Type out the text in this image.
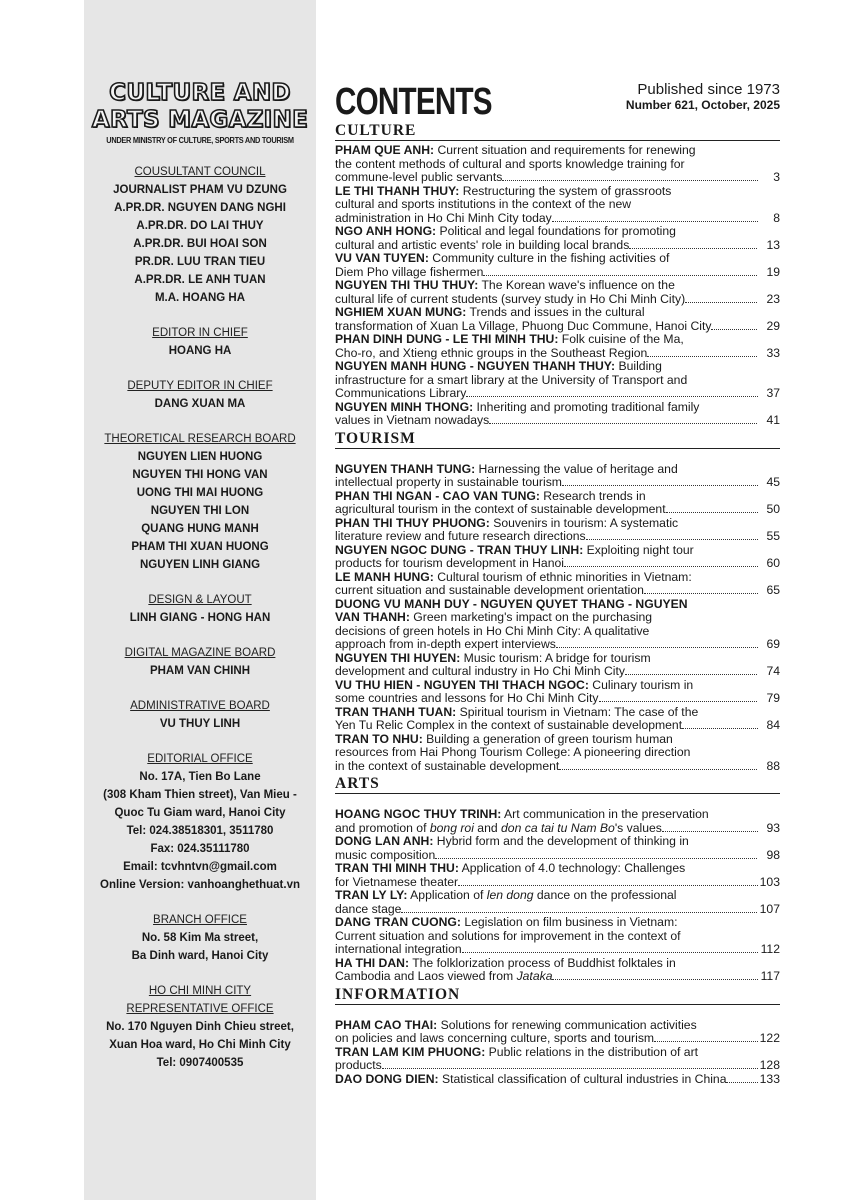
CULTURE AND
ARTS MAGAZINE
UNDER MINISTRY OF CULTURE, SPORTS AND TOURISM
COUSULTANT COUNCIL
JOURNALIST PHAM VU DZUNG
A.PR.DR. NGUYEN DANG NGHI
A.PR.DR. DO LAI THUY
A.PR.DR. BUI HOAI SON
PR.DR. LUU TRAN TIEU
A.PR.DR. LE ANH TUAN
M.A. HOANG HA
EDITOR IN CHIEF
HOANG HA
DEPUTY EDITOR IN CHIEF
DANG XUAN MA
THEORETICAL RESEARCH BOARD
NGUYEN LIEN HUONG
NGUYEN THI HONG VAN
UONG THI MAI HUONG
NGUYEN THI LON
QUANG HUNG MANH
PHAM THI XUAN HUONG
NGUYEN LINH GIANG
DESIGN & LAYOUT
LINH GIANG - HONG HAN
DIGITAL MAGAZINE BOARD
PHAM VAN CHINH
ADMINISTRATIVE BOARD
VU THUY LINH
EDITORIAL OFFICE
No. 17A, Tien Bo Lane
(308 Kham Thien street), Van Mieu -
Quoc Tu Giam ward, Hanoi City
Tel: 024.38518301, 3511780
Fax: 024.35111780
Email: tcvhntvn@gmail.com
Online Version: vanhoanghethuat.vn
BRANCH OFFICE
No. 58 Kim Ma street,
Ba Dinh ward, Hanoi City
HO CHI MINH CITY
REPRESENTATIVE OFFICE
No. 170 Nguyen Dinh Chieu street,
Xuan Hoa ward, Ho Chi Minh City
Tel: 0907400535
CONTENTS	Published since 1973
Number 621, October, 2025
CULTURE
PHAM QUE ANH: Current situation and requirements for renewing
the content methods of cultural and sports knowledge training for
commune-level public servants	3
LE THI THANH THUY: Restructuring the system of grassroots
cultural and sports institutions in the context of the new
administration in Ho Chi Minh City today	8
NGO ANH HONG: Political and legal foundations for promoting
cultural and artistic events' role in building local brands	13
VU VAN TUYEN: Community culture in the fishing activities of
Diem Pho village fishermen	19
NGUYEN THI THU THUY: The Korean wave's influence on the
cultural life of current students (survey study in Ho Chi Minh City)	23
NGHIEM XUAN MUNG: Trends and issues in the cultural
transformation of Xuan La Village, Phuong Duc Commune, Hanoi City	29
PHAN DINH DUNG - LE THI MINH THU: Folk cuisine of the Ma,
Cho-ro, and Xtieng ethnic groups in the Southeast Region	33
NGUYEN MANH HUNG - NGUYEN THANH THUY: Building
infrastructure for a smart library at the University of Transport and
Communications Library	37
NGUYEN MINH THONG: Inheriting and promoting traditional family
values in Vietnam nowadays	41
TOURISM
NGUYEN THANH TUNG: Harnessing the value of heritage and
intellectual property in sustainable tourism	45
PHAN THI NGAN - CAO VAN TUNG: Research trends in
agricultural tourism in the context of sustainable development	50
PHAN THI THUY PHUONG: Souvenirs in tourism: A systematic
literature review and future research directions	55
NGUYEN NGOC DUNG - TRAN THUY LINH: Exploiting night tour
products for tourism development in Hanoi	60
LE MANH HUNG: Cultural tourism of ethnic minorities in Vietnam:
current situation and sustainable development orientation	65
DUONG VU MANH DUY - NGUYEN QUYET THANG - NGUYEN
VAN THANH: Green marketing's impact on the purchasing
decisions of green hotels in Ho Chi Minh City: A qualitative
approach from in-depth expert interviews	69
NGUYEN THI HUYEN: Music tourism: A bridge for tourism
development and cultural industry in Ho Chi Minh City	74
VU THU HIEN - NGUYEN THI THACH NGOC: Culinary tourism in
some countries and lessons for Ho Chi Minh City	79
TRAN THANH TUAN: Spiritual tourism in Vietnam: The case of the
Yen Tu Relic Complex in the context of sustainable development	84
TRAN TO NHU: Building a generation of green tourism human
resources from Hai Phong Tourism College: A pioneering direction
in the context of sustainable development	88
ARTS
HOANG NGOC THUY TRINH: Art communication in the preservation
and promotion of bong roi and don ca tai tu Nam Bo's values	93
DONG LAN ANH: Hybrid form and the development of thinking in
music composition	98
TRAN THI MINH THU: Application of 4.0 technology: Challenges
for Vietnamese theater	103
TRAN LY LY: Application of len dong dance on the professional
dance stage	107
DANG TRAN CUONG: Legislation on film business in Vietnam:
Current situation and solutions for improvement in the context of
international integration	112
HA THI DAN: The folklorization process of Buddhist folktales in
Cambodia and Laos viewed from Jataka	117
INFORMATION
PHAM CAO THAI: Solutions for renewing communication activities
on policies and laws concerning culture, sports and tourism	122
TRAN LAM KIM PHUONG: Public relations in the distribution of art
products	128
DAO DONG DIEN: Statistical classification of cultural industries in China	133
